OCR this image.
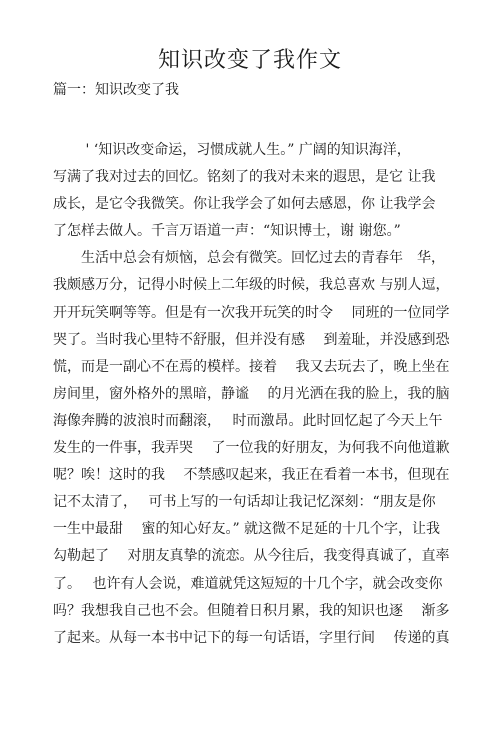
知识改变了我作文
篇一：知识改变了我
　　 ' ‘知识改变命运，习惯成就人生。” 广阔的知识海洋，
写满了我对过去的回忆。铭刻了的我对未来的遐思，是它 让我
成长，是它令我微笑。你让我学会了如何去感恩，你 让我学会
了怎样去做人。千言万语道一声：“知识博士，谢 谢您。”
　　生活中总会有烦恼，总会有微笑。回忆过去的青春年　华，
我颇感万分，记得小时候上二年级的时候，我总喜欢 与别人逗，
开开玩笑啊等等。但是有一次我开玩笑的时令　 同班的一位同学
哭了。当时我心里特不舒服，但并没有感　 到羞耻，并没感到恐
慌，而是一副心不在焉的模样。接着　 我又去玩去了，晚上坐在
房间里，窗外格外的黑暗，静谧　 的月光洒在我的脸上，我的脑
海像奔腾的波浪时而翻滚，　 时而激昂。此时回忆起了今天上午
发生的一件事，我弄哭　 了一位我的好朋友，为何我不向他道歉
呢？唉！这时的我　 不禁感叹起来，我正在看着一本书，但现在
记不太清了，　 可书上写的一句话却让我记忆深刻：“朋友是你
一生中最甜　 蜜的知心好友。” 就这微不足延的十几个字，让我
勾勒起了　 对朋友真挚的流恋。从今往后，我变得真诚了，直率
了。　 也许有人会说，难道就凭这短短的十几个字，就会改变你
吗？我想我自己也不会。但随着日积月累，我的知识也逐　 渐多
了起来。从每一本书中记下的每一句话语，字里行间　 传递的真
